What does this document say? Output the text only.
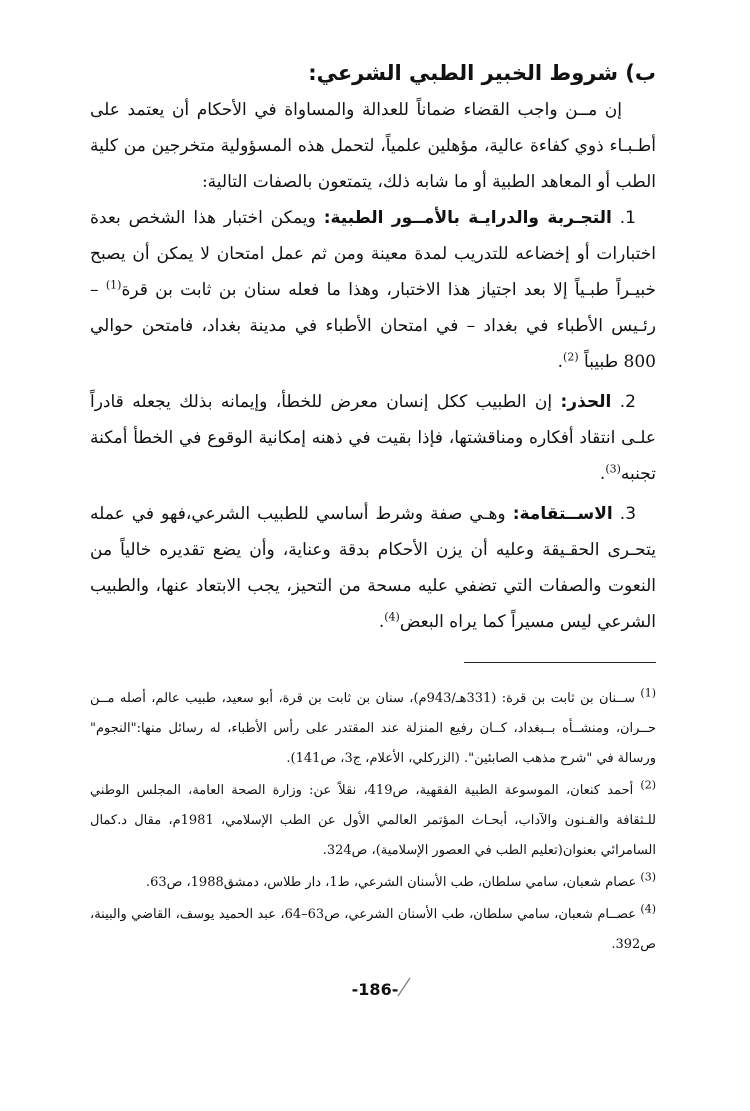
ب) شروط الخبير الطبي الشرعي:

إن مــن واجب القضاء ضماناً للعدالة والمساواة في الأحكام أن يعتمد على أطـبـاء ذوي كفاءة عالية، مؤهلين علمياً، لتحمل هذه المسؤولية متخرجين من كلية الطب أو المعاهد الطبية أو ما شابه ذلك، يتمتعون بالصفات التالية:

1. التجـربة والدرايـة بالأمــور الطبية: ويمكن اختبار هذا الشخص بعدة اختبارات أو إخضاعه للتدريب لمدة معينة ومن ثم عمل امتحان لا يمكن أن يصبح خبيـراً طبـياً إلا بعد اجتياز هذا الاختبار، وهذا ما فعله سنان بن ثابت بن قرة$^{(1)}$ – رئـيس الأطباء في بغداد – في امتحان الأطباء في مدينة بغداد، فامتحن حوالي 800 طبيباً $^{(2)}$.

2. الحذر: إن الطبيب ككل إنسان معرض للخطأ، وإيمانه بذلك يجعله قادراً علـى انتقاد أفكاره ومناقشتها، فإذا بقيت في ذهنه إمكانية الوقوع في الخطأ أمكنة تجنبه$^{(3)}$.

3. الاســتقامة: وهـي صفة وشرط أساسي للطبيب الشرعي،فهو في عمله يتحـرى الحقـيقة وعليه أن يزن الأحكام بدقة وعناية، وأن يضع تقديره خالياً من النعوت والصفات التي تضفي عليه مسحة من التحيز، يجب الابتعاد عنها، والطبيب الشرعي ليس مسيراً كما يراه البعض$^{(4)}$.

$^{(1)}$ ســنان بن ثابت بن قرة: (331هـ/943م)، سنان بن ثابت بن قرة، أبو سعيد، طبيب عالم، أصله مــن حــران، ومنشــأه بــبغداد، كــان رفيع المنزلة عند المقتدر على رأس الأطباء، له رسائل منها:"النجوم" ورسالة في "شرح مذهب الصابئين". (الزركلي، الأعلام، ج3، ص141).

$^{(2)}$ أحمد كنعان، الموسوعة الطبية الفقهية، ص419، نقلاً عن: وزارة الصحة العامة، المجلس الوطني للـثقافة والفـنون والآداب، أبحـاث المؤتمر العالمي الأول عن الطب الإسلامي، 1981م، مقال د.كمال السامرائي بعنوان(تعليم الطب في العصور الإسلامية)، ص324.

$^{(3)}$ عصام شعبان، سامي سلطان، طب الأسنان الشرعي، ط1، دار طلاس، دمشق1988، ص63.

$^{(4)}$ عصــام شعبان، سامي سلطان، طب الأسنان الشرعي، ص63–64، عبد الحميد يوسف، القاضي والبينة، ص392.

-186-
